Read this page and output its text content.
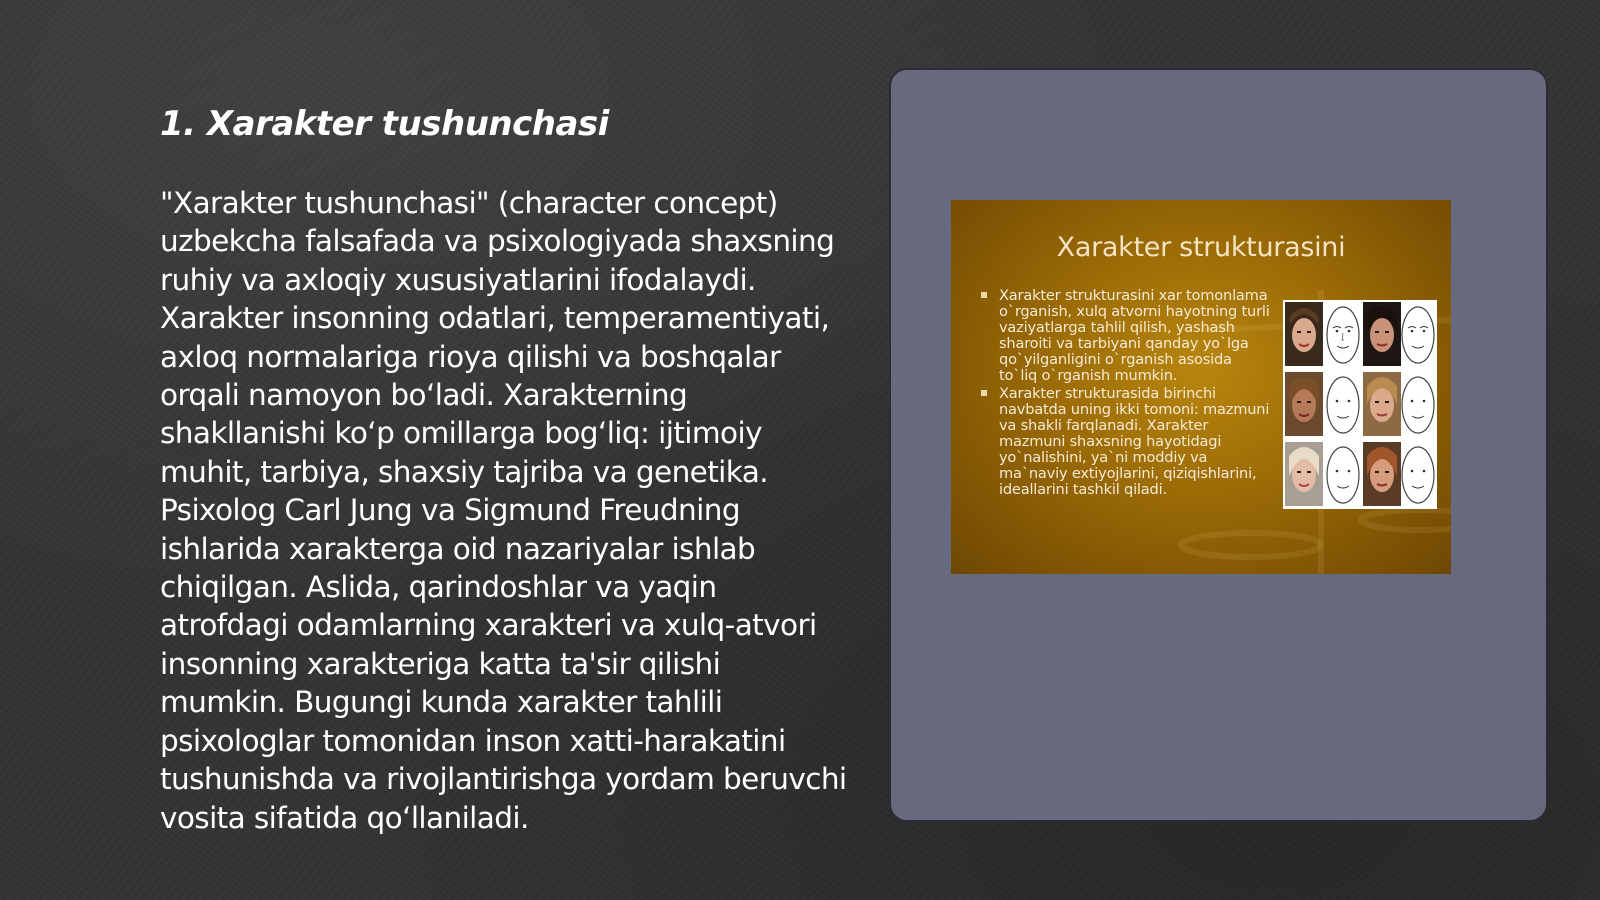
1. Xarakter tushunchasi

"Xarakter tushunchasi" (character concept) uzbekcha falsafada va psixologiyada shaxsning ruhiy va axloqiy xususiyatlarini ifodalaydi. Xarakter insonning odatlari, temperamentiyati, axloq normalariga rioya qilishi va boshqalar orqali namoyon bo‘ladi. Xarakterning shakllanishi ko‘p omillarga bog‘liq: ijtimoiy muhit, tarbiya, shaxsiy tajriba va genetika. Psixolog Carl Jung va Sigmund Freudning ishlarida xarakterga oid nazariyalar ishlab chiqilgan. Aslida, qarindoshlar va yaqin atrofdagi odamlarning xarakteri va xulq-atvori insonning xarakteriga katta ta'sir qilishi mumkin. Bugungi kunda xarakter tahlili psixologlar tomonidan inson xatti-harakatini tushunishda va rivojlantirishga yordam beruvchi vosita sifatida qo‘llaniladi.

Xarakter strukturasini
Xarakter strukturasini xar tomonlama o`rganish, xulq atvorni hayotning turli vaziyatlarga tahlil qilish, yashash sharoiti va tarbiyani qanday yo`lga qo`yilganligini o`rganish asosida to`liq o`rganish mumkin.
Xarakter strukturasida birinchi navbatda uning ikki tomoni: mazmuni va shakli farqlanadi. Xarakter mazmuni shaxsning hayotidagi yo`nalishini, ya`ni moddiy va ma`naviy extiyojlarini, qiziqishlarini, ideallarini tashkil qiladi.
